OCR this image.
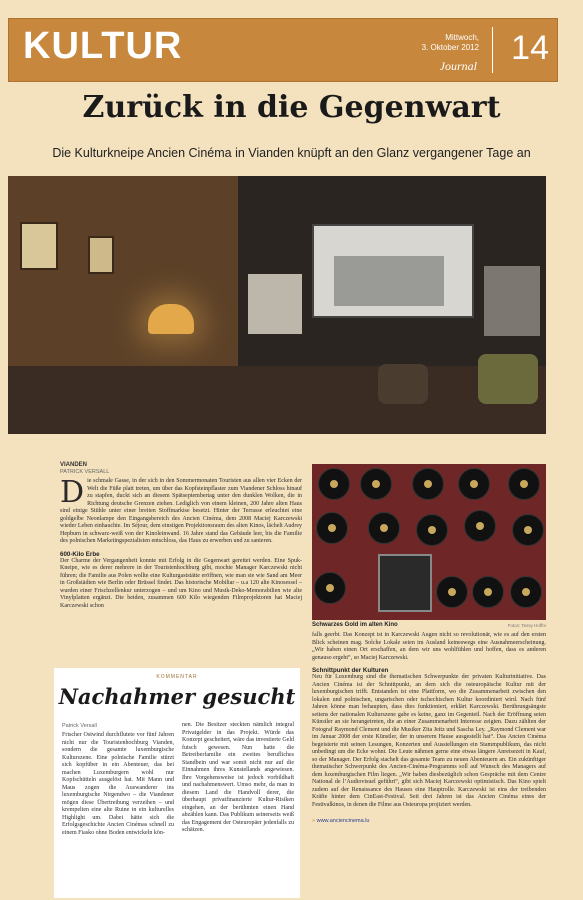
KULTUR	Mittwoch,
3. Oktober 2012
Journal 14
Zurück in die Gegenwart
Die Kulturkneipe Ancien Cinéma in Vianden knüpft an den Glanz vergangener Tage an
VIANDEN
PATRICK VERSALL
Die schmale Gasse, in der sich in den Sommermonaten Touristen aus allen vier Ecken der Welt die Füße platt treten, um über das Kopfsteinpflaster zum Viandener Schloss hinauf zu stapfen, duckt sich an diesem Spätseptembertag unter den dunklen Wolken, die in Richtung deutsche Grenzen ziehen. Lediglich von einem kleinen, 200 Jahre alten Haus sind einige Stühle unter einer breiten Stoffmarkise besetzt. Hinter der Terrasse erleuchtet eine goldgelbe Neonlampe den Eingangsbereich des Ancien Cinéma, dem 2008 Maciej Karczewski wieder Leben einhauchte. Im Séjour, dem einstigen Projektionsraum des alten Kinos, lächelt Audrey Hepburn in schwarz-weiß von der Kinoleinwand. 16 Jahre stand das Gebäude leer, bis die Familie des polnischen Marketingspezialisten entschloss, das Haus zu erwerben und zu sanieren.
600-Kilo Erbe
Der Charme der Vergangenheit konnte mit Erfolg in die Gegenwart gerettet werden. Eine Spuk-Kneipe, wie es derer mehrere in der Touristenhochburg gibt, mochte Manager Karczewski nicht führen; die Familie aus Polen wollte eine Kulturgaststätte eröffnen, wie man sie wie Sand am Meer in Großstädten wie Berlin oder Brüssel findet. Das historische Mobiliar – u.a 120 alte Kinosessel – wurden einer Frischzellenkur unterzogen – und um Kino und Musik-Deko-Memorabilien wie alte Vinylplatten ergänzt. Die beiden, zusammen 600 Kilo wiegenden Filmprojektoren hat Maciej Karczewski schon
Schwarzes Gold im alten Kino	Fotos: Tessy Hoffm
falls geerbt. Das Konzept ist in Karczewski Augen nicht so revolutionär, wie es auf den ersten Blick scheinen mag. Solche Lokale seien im Ausland keineswegs eine Ausnahmeerscheinung. „Wir haben einen Ort erschaffen, an dem wir uns wohlfühlen und hoffen, dass es anderen genauso ergeht“, so Maciej Karczewski.
Schnittpunkt der Kulturen
Neu für Luxemburg sind die thematischen Schwerpunkte der privaten Kulturinitiative. Das Ancien Cinéma ist der Schnittpunkt, an dem sich die osteuropäische Kultur mit der luxemburgischen trifft. Entstanden ist eine Plattform, wo die Zusammenarbeit zwischen den lokalen und polnischen, ungarischen oder tschechischen Kultur koordiniert wird. Nach fünf Jahren könne man behaupten, dass dies funktioniert, erklärt Karczewski. Berührungsängste seitens der nationalen Kulturszene gabe es keine, ganz im Gegenteil. Nach der Eröffnung seien Künstler an sie herangetreten, die an einer Zusammenarbeit Interesse zeigten. Dazu zählten der Fotograf Raymond Clement und die Musiker Zita Jeitz und Sascha Ley. „Raymond Clement war im Januar 2008 der erste Künstler, der in unserem Hause ausgestellt hat“. Das Ancien Cinéma begeisterte mit seinen Lesungen, Konzerten und Ausstellungen ein Stammpublikum, das nicht unbedingt um die Ecke wohnt. Die Leute nähmen gerne eine etwas längere Anreisezeit in Kauf, so der Manager. Der Erfolg stachelt das gesamte Team zu neuen Abenteuern an. Ein zukünftiger thematischer Schwerpunkt des Ancien-Cinéma-Programms soll auf Wunsch des Managers auf dem luxemburgischen Film liegen. „Wir haben diesbezüglich schon Gespräche mit dem Centre National de l’Audiovisuel geführt“, gibt sich Maciej Karczewski optimistisch. Das Kino spielt zudem auf der Renaissance des Hauses eine Hauptrolle. Karczewski ist eins der treibenden Kräfte hinter dem CinEast-Festival. Seit drei Jahren ist das Ancien Cinéma eines der Festivalkinos, in denen die Filme aus Osteuropa projiziert werden.
» www.anciencinema.lu
KOMMENTAR
Nachahmer gesucht
Patrick Versall
Frischer Ostwind durchflutete vor fünf Jahren nicht nur die Touristenhochburg Vianden, sondern die gesamte luxemburgische Kulturszene. Eine polnische Familie stürzt sich kopfüber in ein Abenteuer, das bei machen Luxemburgern wohl nur Kopfschütteln ausgelöst hat. Mit Mann und Maus zogen die Auswanderer ins luxemburgische Nirgendwo – die Viandener mögen diese Übertreibung verzeihen – und krempelten eine alte Ruine in ein kulturelles Highlight um. Dabei hätte sich die Erfolgsgeschichte Ancien Cinémas schnell zu einem Fiasko ohne Boden entwickeln kön-
nen. Die Besitzer steckten nämlich integral Privatgelder in das Projekt. Würde das Konzept gescheitert, wäre das investierte Geld futsch gewesen. Nun hatte die Betreiberfamilie ein zweites berufliches Standbein und war somit nicht nur auf die Einnahmen ihres Kunstellands angewiesen. Ihre Vorgehensweise ist jedoch vorbildhaft und nachahmenswert. Umso mehr, da man in diesem Land die Handvoll derer, die überhaupt privatfinanzierte Kultur-Risiken eingehen, an der berühmten einen Hand abzählen kann. Das Publikum seinerseits weiß das Engagement der Osteuropäer jedenfalls zu schätzen.
